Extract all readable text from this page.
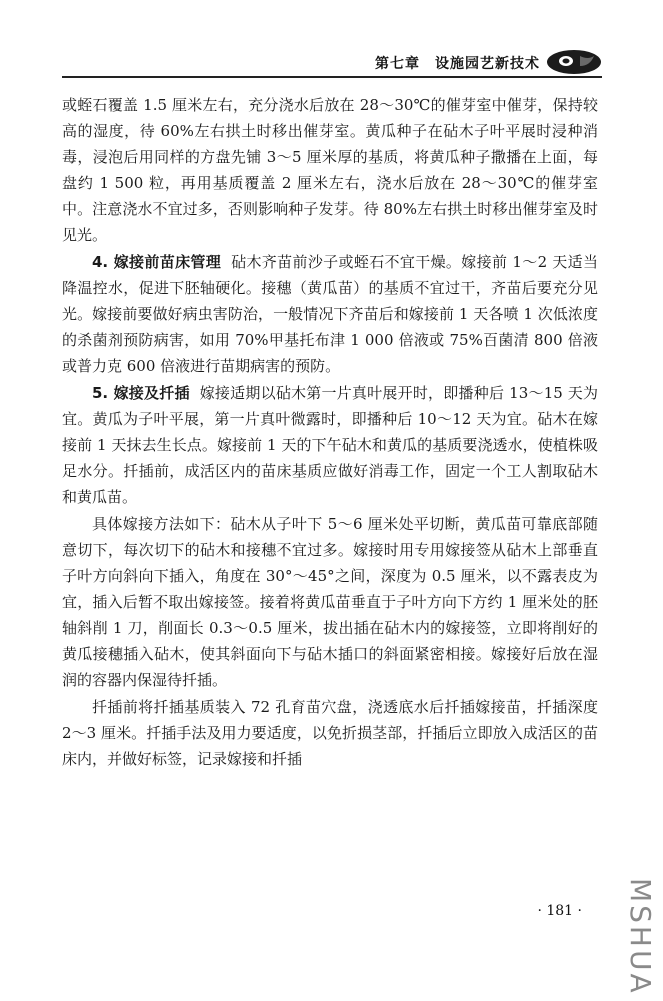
第七章　设施园艺新技术

或蛭石覆盖 1.5 厘米左右，充分浇水后放在 28～30℃的催芽室中催芽，保持较高的湿度，待 60%左右拱土时移出催芽室。黄瓜种子在砧木子叶平展时浸种消毒，浸泡后用同样的方盘先铺 3～5 厘米厚的基质，将黄瓜种子撒播在上面，每盘约 1 500 粒，再用基质覆盖 2 厘米左右，浇水后放在 28～30℃的催芽室中。注意浇水不宜过多，否则影响种子发芽。待 80%左右拱土时移出催芽室及时见光。

4. 嫁接前苗床管理 砧木齐苗前沙子或蛭石不宜干燥。嫁接前 1～2 天适当降温控水，促进下胚轴硬化。接穗（黄瓜苗）的基质不宜过干，齐苗后要充分见光。嫁接前要做好病虫害防治，一般情况下齐苗后和嫁接前 1 天各喷 1 次低浓度的杀菌剂预防病害，如用 70%甲基托布津 1 000 倍液或 75%百菌清 800 倍液或普力克 600 倍液进行苗期病害的预防。

5. 嫁接及扦插 嫁接适期以砧木第一片真叶展开时，即播种后 13～15 天为宜。黄瓜为子叶平展，第一片真叶微露时，即播种后 10～12 天为宜。砧木在嫁接前 1 天抹去生长点。嫁接前 1 天的下午砧木和黄瓜的基质要浇透水，使植株吸足水分。扦插前，成活区内的苗床基质应做好消毒工作，固定一个工人割取砧木和黄瓜苗。

具体嫁接方法如下：砧木从子叶下 5～6 厘米处平切断，黄瓜苗可靠底部随意切下，每次切下的砧木和接穗不宜过多。嫁接时用专用嫁接签从砧木上部垂直子叶方向斜向下插入，角度在 30°～45°之间，深度为 0.5 厘米，以不露表皮为宜，插入后暂不取出嫁接签。接着将黄瓜苗垂直于子叶方向下方约 1 厘米处的胚轴斜削 1 刀，削面长 0.3～0.5 厘米，拔出插在砧木内的嫁接签，立即将削好的黄瓜接穗插入砧木，使其斜面向下与砧木插口的斜面紧密相接。嫁接好后放在湿润的容器内保湿待扦插。

扦插前将扦插基质装入 72 孔育苗穴盘，浇透底水后扦插嫁接苗，扦插深度 2～3 厘米。扦插手法及用力要适度，以免折损茎部，扦插后立即放入成活区的苗床内，并做好标签，记录嫁接和扦插

· 181 · MSHUA
